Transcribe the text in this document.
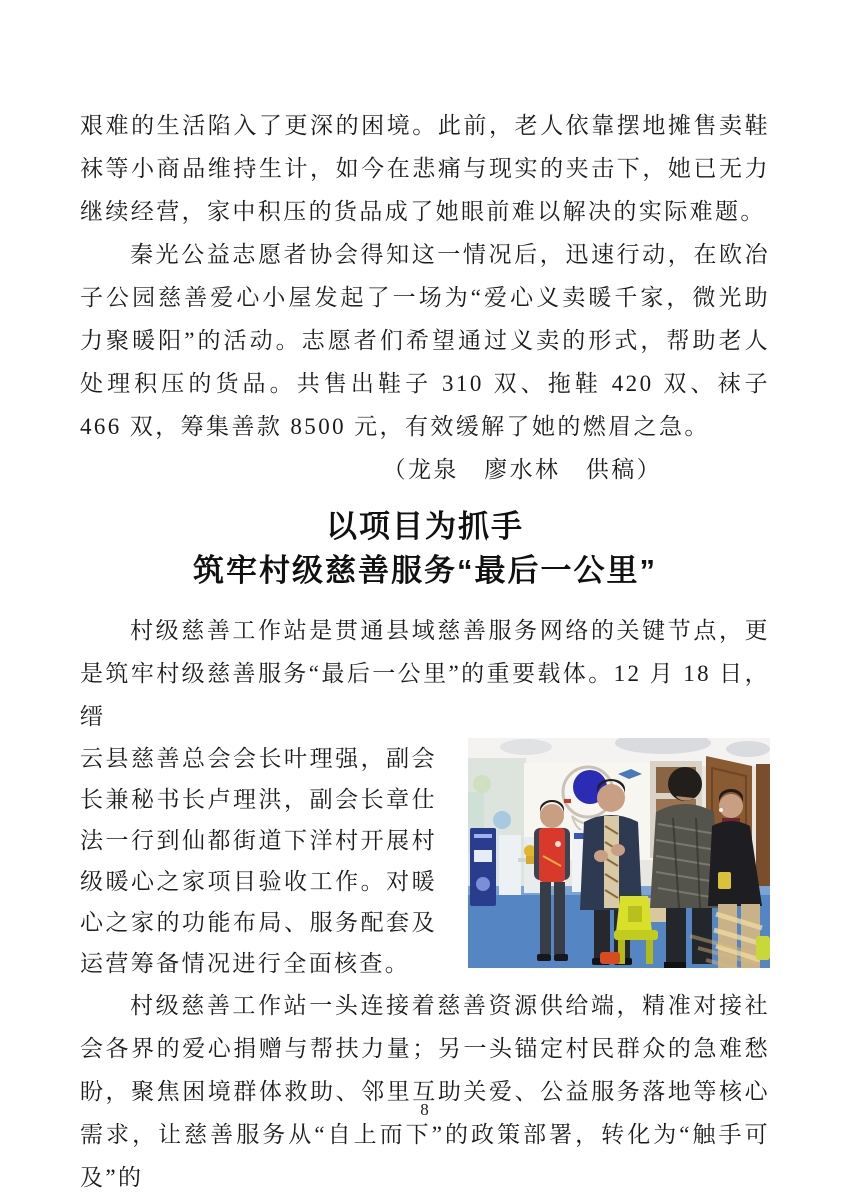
艰难的生活陷入了更深的困境。此前，老人依靠摆地摊售卖鞋袜等小商品维持生计，如今在悲痛与现实的夹击下，她已无力继续经营，家中积压的货品成了她眼前难以解决的实际难题。

秦光公益志愿者协会得知这一情况后，迅速行动，在欧冶子公园慈善爱心小屋发起了一场为“爱心义卖暖千家，微光助力聚暖阳”的活动。志愿者们希望通过义卖的形式，帮助老人处理积压的货品。共售出鞋子 310 双、拖鞋 420 双、袜子 466 双，筹集善款 8500 元，有效缓解了她的燃眉之急。

（龙泉　廖水林　供稿）

以项目为抓手
筑牢村级慈善服务“最后一公里”

村级慈善工作站是贯通县域慈善服务网络的关键节点，更是筑牢村级慈善服务“最后一公里”的重要载体。12 月 18 日，缙

云县慈善总会会长叶理强，副会长兼秘书长卢理洪，副会长章仕法一行到仙都街道下洋村开展村级暖心之家项目验收工作。对暖心之家的功能布局、服务配套及运营筹备情况进行全面核查。

村级慈善工作站一头连接着慈善资源供给端，精准对接社会各界的爱心捐赠与帮扶力量；另一头锚定村民群众的急难愁盼，聚焦困境群体救助、邻里互助关爱、公益服务落地等核心需求，让慈善服务从“自上而下”的政策部署，转化为“触手可及”的

8
